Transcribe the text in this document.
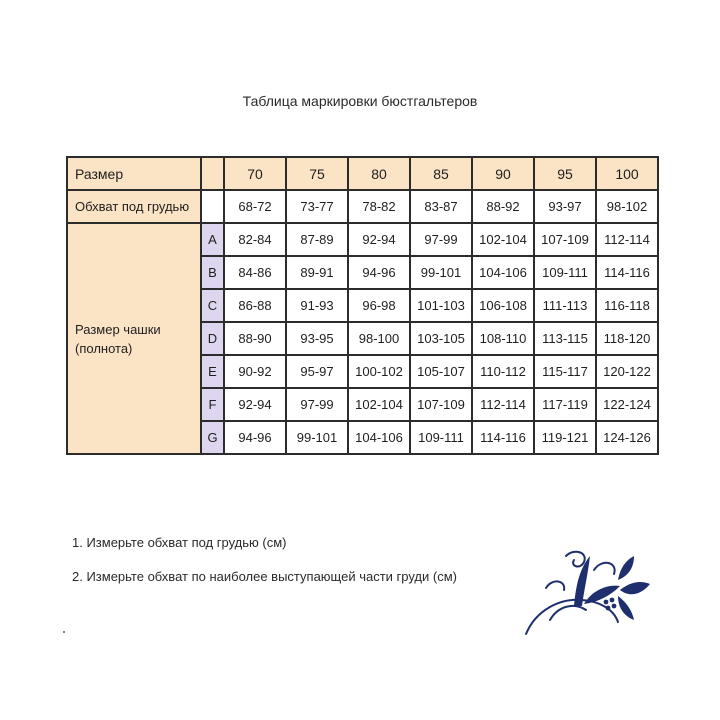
Таблица маркировки бюстгальтеров
Размер		70	75	80	85	90	95	100
Обхват под грудью		68-72	73-77	78-82	83-87	88-92	93-97	98-102
Размер чашки
(полнота)	A	82-84	87-89	92-94	97-99	102-104	107-109	112-114
	B	84-86	89-91	94-96	99-101	104-106	109-111	114-116
	C	86-88	91-93	96-98	101-103	106-108	111-113	116-118
	D	88-90	93-95	98-100	103-105	108-110	113-115	118-120
	E	90-92	95-97	100-102	105-107	110-112	115-117	120-122
	F	92-94	97-99	102-104	107-109	112-114	117-119	122-124
	G	94-96	99-101	104-106	109-111	114-116	119-121	124-126
1. Измерьте обхват под грудью (см)
2. Измерьте обхват по наиболее выступающей части груди (см)
